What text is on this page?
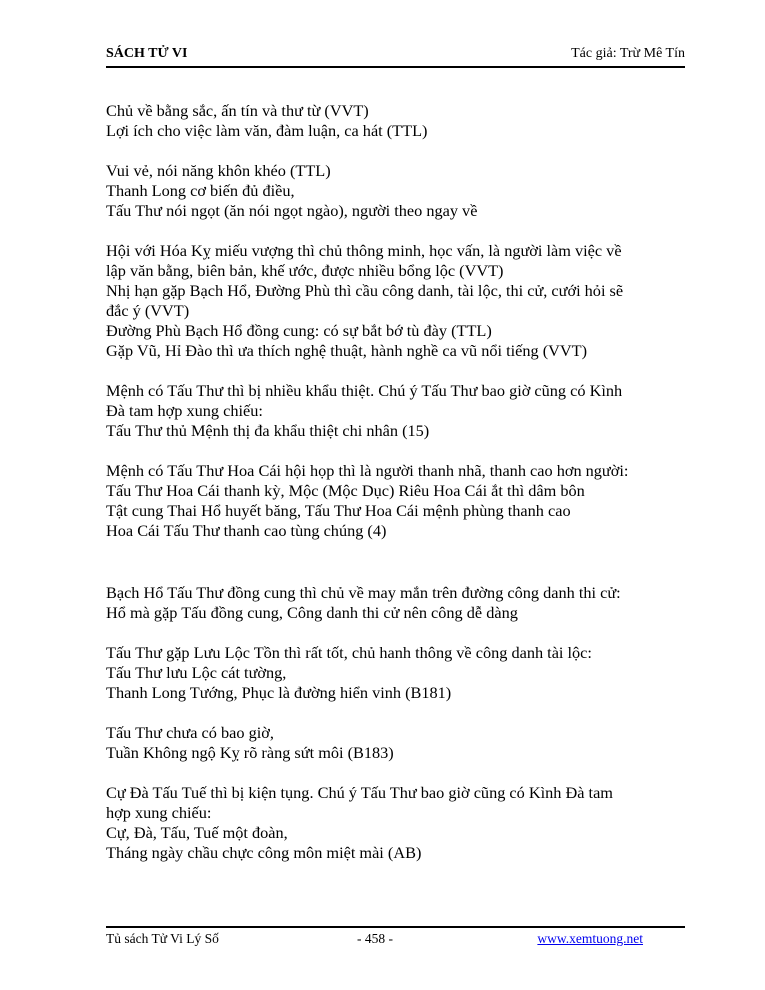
SÁCH TỬ VI	Tác giả: Trừ Mê Tín
Chủ về bằng sắc, ấn tín và thư từ (VVT)
Lợi ích cho việc làm văn, đàm luận, ca hát (TTL)
Vui vẻ, nói năng khôn khéo (TTL)
Thanh Long cơ biến đủ điều,
Tấu Thư nói ngọt (ăn nói ngọt ngào), người theo ngay về
Hội với Hóa Kỵ miếu vượng thì chủ thông minh, học vấn, là người làm việc về
lập văn bằng, biên bản, khế ước, được nhiều bổng lộc (VVT)
Nhị hạn gặp Bạch Hổ, Đường Phù thì cầu công danh, tài lộc, thi cử, cưới hỏi sẽ
đắc ý (VVT)
Đường Phù Bạch Hổ đồng cung: có sự bắt bớ tù đày (TTL)
Gặp Vũ, Hỉ Đào thì ưa thích nghệ thuật, hành nghề ca vũ nổi tiếng (VVT)
Mệnh có Tấu Thư thì bị nhiều khẩu thiệt. Chú ý Tấu Thư bao giờ cũng có Kình
Đà tam hợp xung chiếu:
Tấu Thư thủ Mệnh thị đa khẩu thiệt chi nhân (15)
Mệnh có Tấu Thư Hoa Cái hội họp thì là người thanh nhã, thanh cao hơn người:
Tấu Thư Hoa Cái thanh kỳ, Mộc (Mộc Dục) Riêu Hoa Cái ắt thì dâm bôn
Tật cung Thai Hổ huyết băng, Tấu Thư Hoa Cái mệnh phùng thanh cao
Hoa Cái Tấu Thư thanh cao tùng chúng (4)
Bạch Hổ Tấu Thư đồng cung thì chủ về may mắn trên đường công danh thi cử:
Hổ mà gặp Tấu đồng cung, Công danh thi cử nên công dễ dàng
Tấu Thư gặp Lưu Lộc Tồn thì rất tốt, chủ hanh thông về công danh tài lộc:
Tấu Thư lưu Lộc cát tường,
Thanh Long Tướng, Phục là đường hiển vinh (B181)
Tấu Thư chưa có bao giờ,
Tuần Không ngộ Kỵ rõ ràng sứt môi (B183)
Cự Đà Tấu Tuế thì bị kiện tụng. Chú ý Tấu Thư bao giờ cũng có Kình Đà tam
hợp xung chiếu:
Cự, Đà, Tấu, Tuế một đoàn,
Tháng ngày chầu chực công môn miệt mài (AB)
Tủ sách Tử Vi Lý Số	- 458 -	www.xemtuong.net
